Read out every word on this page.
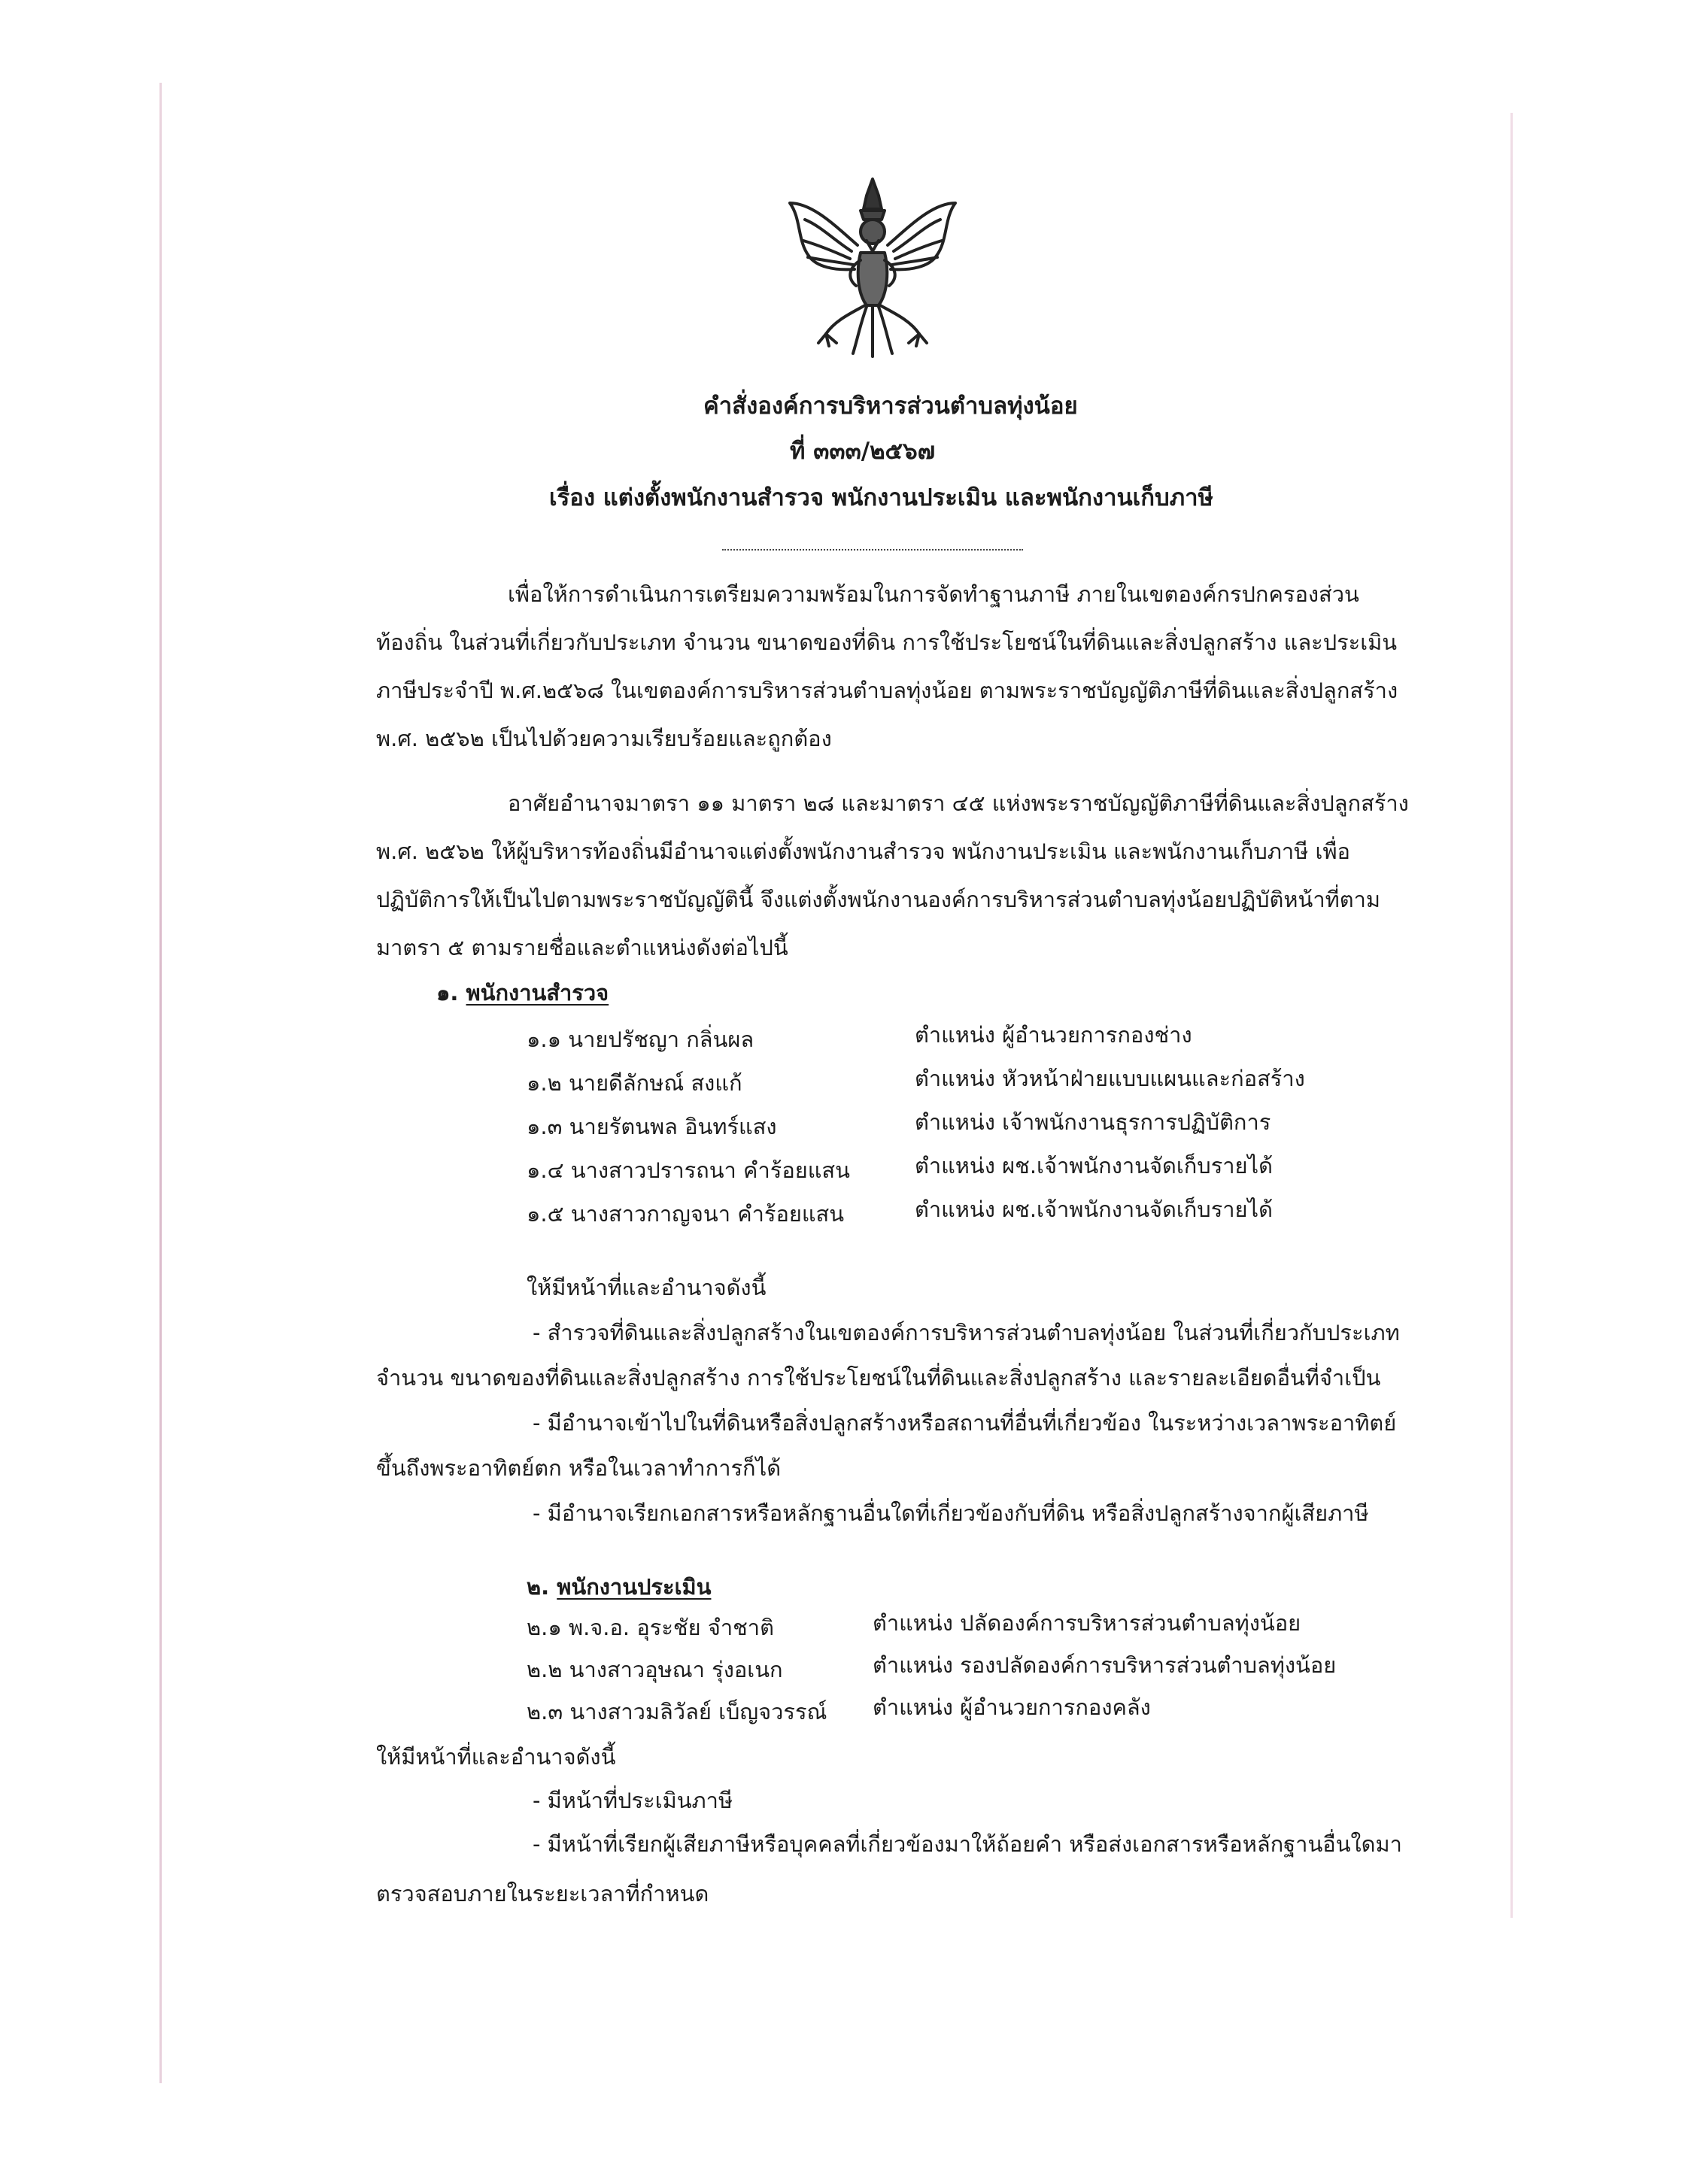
คำสั่งองค์การบริหารส่วนตำบลทุ่งน้อย
ที่ ๓๓๓/๒๕๖๗
เรื่อง แต่งตั้งพนักงานสำรวจ พนักงานประเมิน และพนักงานเก็บภาษี
เพื่อให้การดำเนินการเตรียมความพร้อมในการจัดทำฐานภาษี ภายในเขตองค์กรปกครองส่วน
ท้องถิ่น ในส่วนที่เกี่ยวกับประเภท จำนวน ขนาดของที่ดิน การใช้ประโยชน์ในที่ดินและสิ่งปลูกสร้าง และประเมิน
ภาษีประจำปี พ.ศ.๒๕๖๘ ในเขตองค์การบริหารส่วนตำบลทุ่งน้อย ตามพระราชบัญญัติภาษีที่ดินและสิ่งปลูกสร้าง
พ.ศ. ๒๕๖๒ เป็นไปด้วยความเรียบร้อยและถูกต้อง
อาศัยอำนาจมาตรา ๑๑ มาตรา ๒๘ และมาตรา ๔๕ แห่งพระราชบัญญัติภาษีที่ดินและสิ่งปลูกสร้าง
พ.ศ. ๒๕๖๒ ให้ผู้บริหารท้องถิ่นมีอำนาจแต่งตั้งพนักงานสำรวจ พนักงานประเมิน และพนักงานเก็บภาษี เพื่อ
ปฏิบัติการให้เป็นไปตามพระราชบัญญัตินี้ จึงแต่งตั้งพนักงานองค์การบริหารส่วนตำบลทุ่งน้อยปฏิบัติหน้าที่ตาม
มาตรา ๕ ตามรายชื่อและตำแหน่งดังต่อไปนี้
๑. พนักงานสำรวจ
๑.๑ นายปรัชญา กลิ่นผล	ตำแหน่ง ผู้อำนวยการกองช่าง
๑.๒ นายดีลักษณ์ สงแก้	ตำแหน่ง หัวหน้าฝ่ายแบบแผนและก่อสร้าง
๑.๓ นายรัตนพล อินทร์แสง	ตำแหน่ง เจ้าพนักงานธุรการปฏิบัติการ
๑.๔ นางสาวปรารถนา คำร้อยแสน	ตำแหน่ง ผช.เจ้าพนักงานจัดเก็บรายได้
๑.๕ นางสาวกาญจนา คำร้อยแสน	ตำแหน่ง ผช.เจ้าพนักงานจัดเก็บรายได้
ให้มีหน้าที่และอำนาจดังนี้
- สำรวจที่ดินและสิ่งปลูกสร้างในเขตองค์การบริหารส่วนตำบลทุ่งน้อย ในส่วนที่เกี่ยวกับประเภท
จำนวน ขนาดของที่ดินและสิ่งปลูกสร้าง การใช้ประโยชน์ในที่ดินและสิ่งปลูกสร้าง และรายละเอียดอื่นที่จำเป็น
- มีอำนาจเข้าไปในที่ดินหรือสิ่งปลูกสร้างหรือสถานที่อื่นที่เกี่ยวข้อง ในระหว่างเวลาพระอาทิตย์
ขึ้นถึงพระอาทิตย์ตก หรือในเวลาทำการก็ได้
- มีอำนาจเรียกเอกสารหรือหลักฐานอื่นใดที่เกี่ยวข้องกับที่ดิน หรือสิ่งปลูกสร้างจากผู้เสียภาษี
๒. พนักงานประเมิน
๒.๑ พ.จ.อ. อุระชัย จำชาติ	ตำแหน่ง ปลัดองค์การบริหารส่วนตำบลทุ่งน้อย
๒.๒ นางสาวอุษณา รุ่งอเนก	ตำแหน่ง รองปลัดองค์การบริหารส่วนตำบลทุ่งน้อย
๒.๓ นางสาวมลิวัลย์ เบ็ญจวรรณ์ ตำแหน่ง ผู้อำนวยการกองคลัง
ให้มีหน้าที่และอำนาจดังนี้
- มีหน้าที่ประเมินภาษี
- มีหน้าที่เรียกผู้เสียภาษีหรือบุคคลที่เกี่ยวข้องมาให้ถ้อยคำ หรือส่งเอกสารหรือหลักฐานอื่นใดมา
ตรวจสอบภายในระยะเวลาที่กำหนด
